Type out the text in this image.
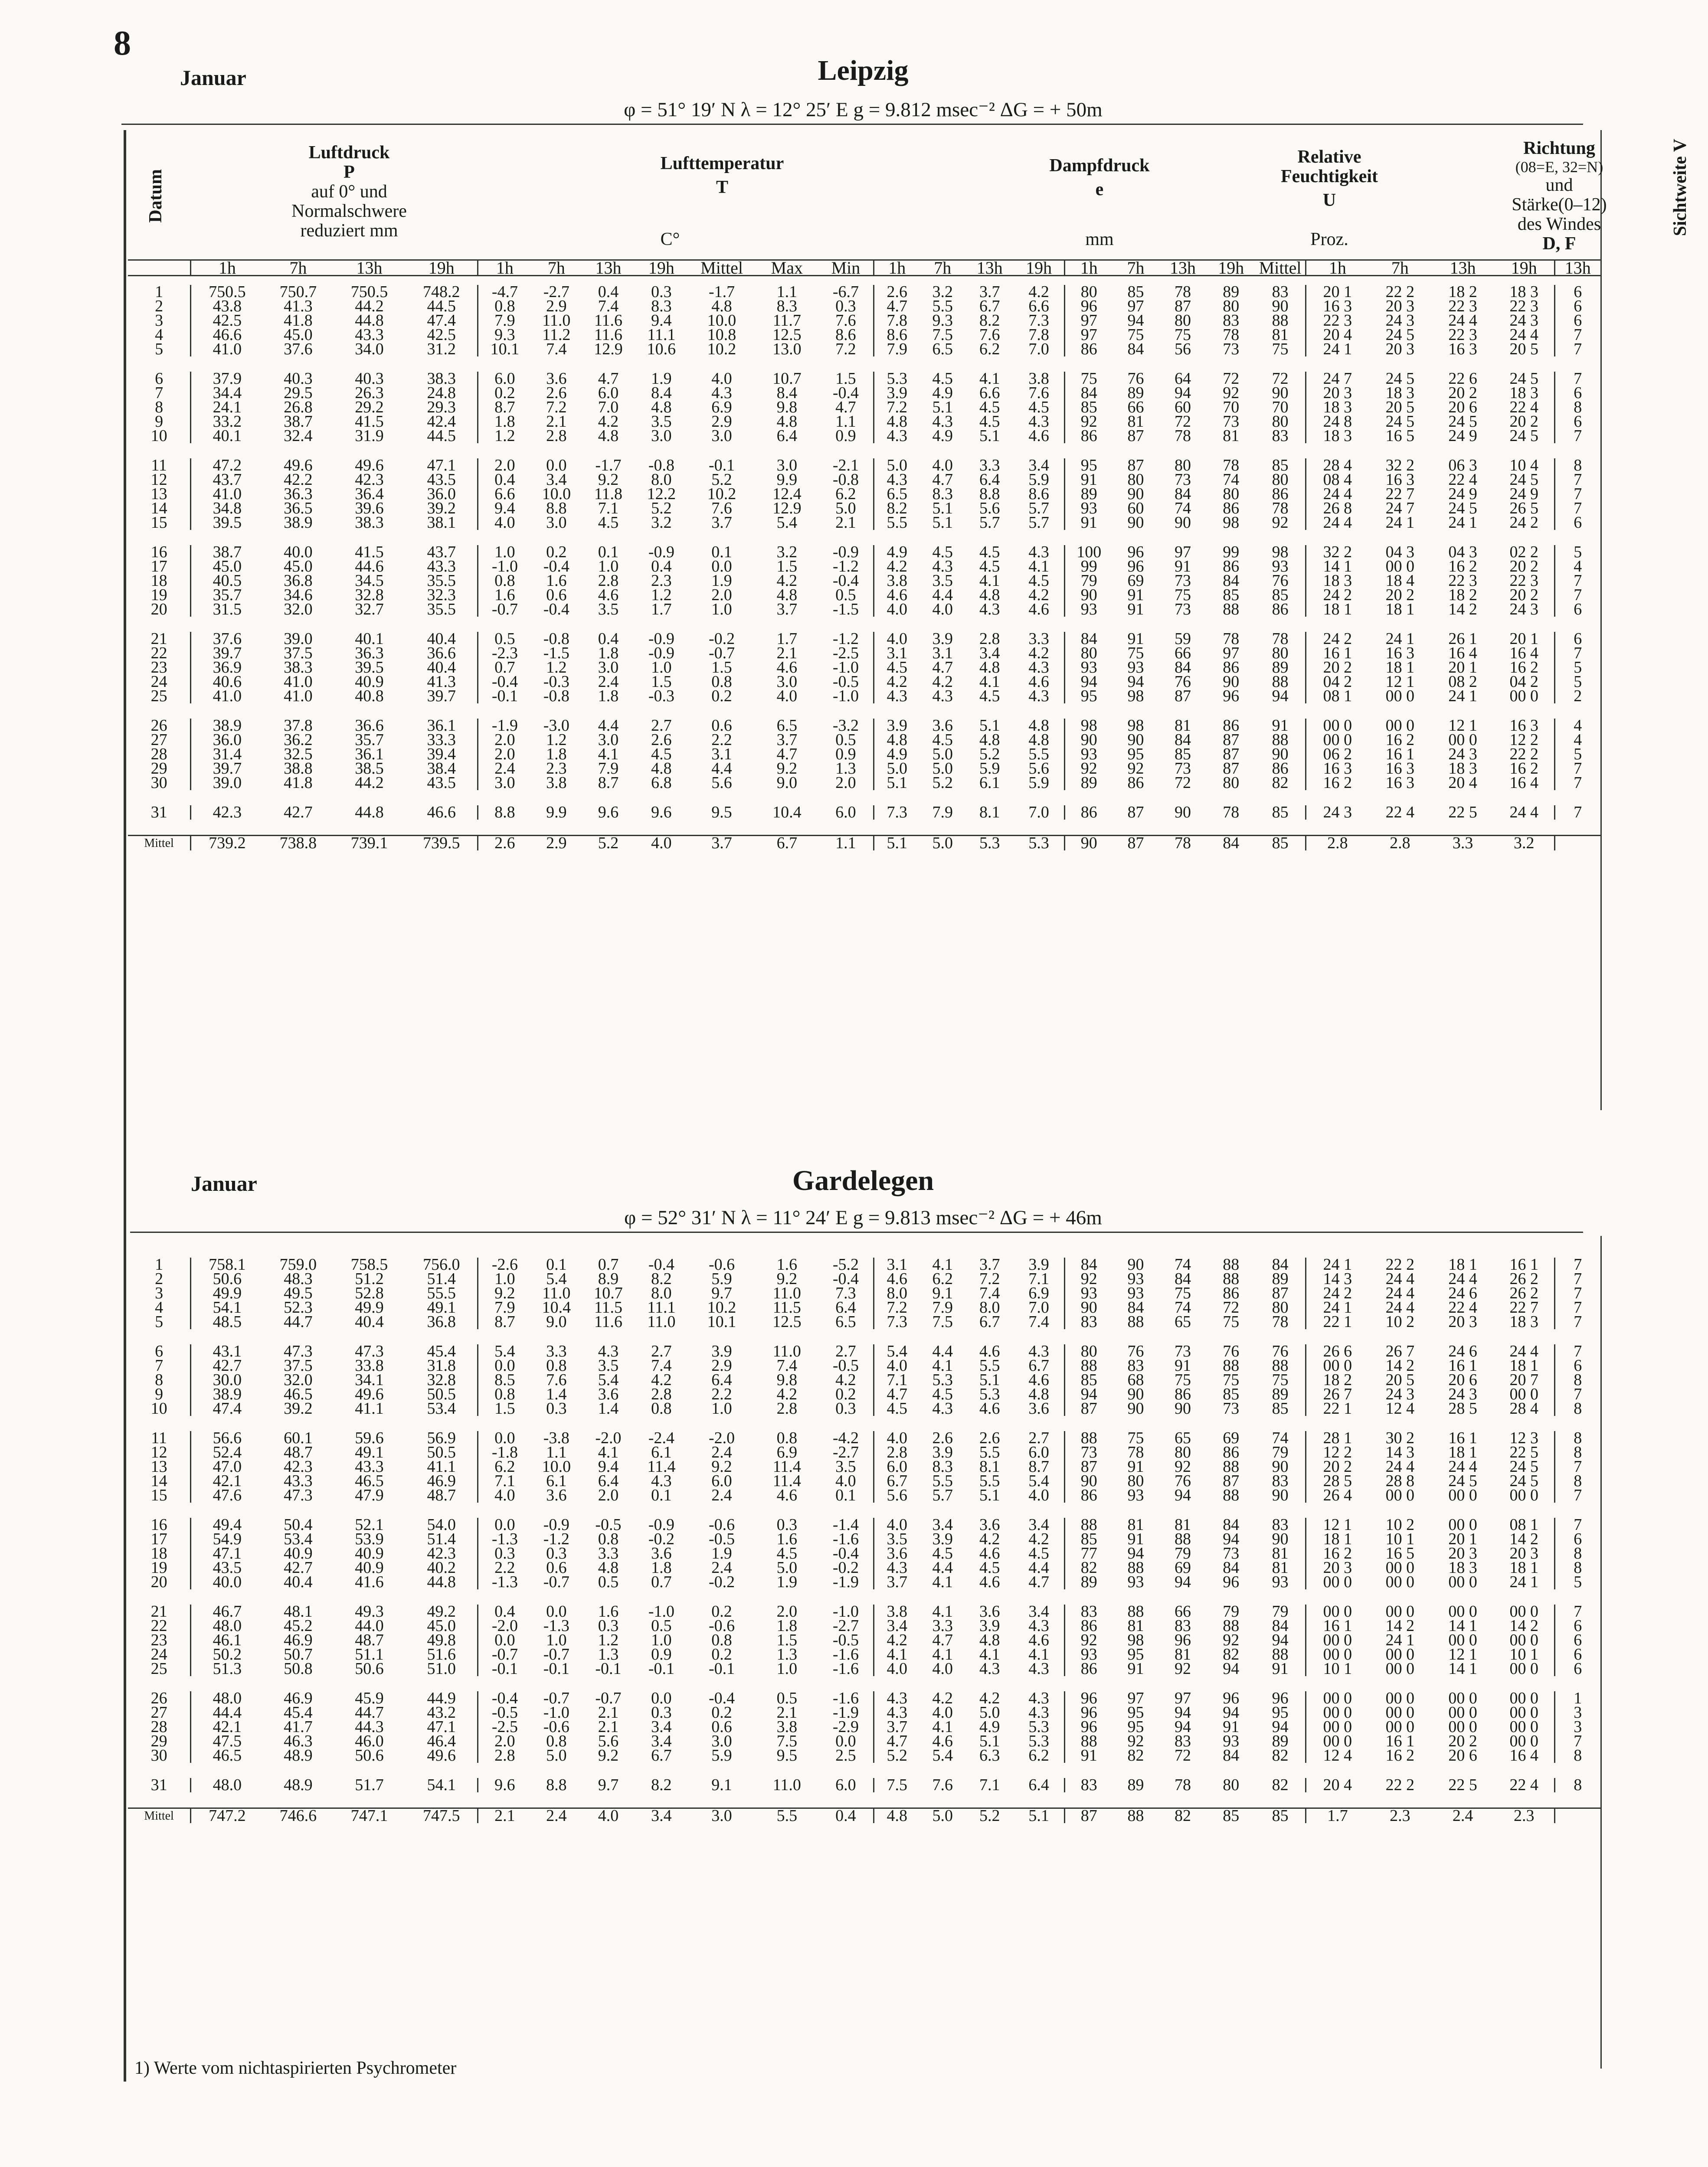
8
Januar	Leipzig
φ = 51° 19′ N λ = 12° 25′ E g = 9.812 msec⁻² ΔG = + 50m
Januar	Gardelegen
φ = 52° 31′ N λ = 11° 24′ E g = 9.813 msec⁻² ΔG = + 46m
Datum
Luftdruck
P
auf 0° und
Normalschwere
reduziert mm
Lufttemperatur
T
C°
Dampfdruck
e
mm
Relative
Feuchtigkeit
U
Proz.
Richtung
(08=E, 32=N)
und
Stärke(0–12)
des Windes
D, F
Sichtweite V
	1h	7h	13h	19h	1h	7h	13h	19h	Mittel	Max	Min	1h	7h	13h	19h	1h	7h	13h	19h	Mittel	1h	7h	13h	19h	13h

1	750.5	750.7	750.5	748.2	-4.7	-2.7	0.4	0.3	-1.7	1.1	-6.7	2.6	3.2	3.7	4.2	80	85	78	89	83	20 1	22 2	18 2	18 3	6
2	43.8	41.3	44.2	44.5	0.8	2.9	7.4	8.3	4.8	8.3	0.3	4.7	5.5	6.7	6.6	96	97	87	80	90	16 3	20 3	22 3	22 3	6
3	42.5	41.8	44.8	47.4	7.9	11.0	11.6	9.4	10.0	11.7	7.6	7.8	9.3	8.2	7.3	97	94	80	83	88	22 3	24 3	24 4	24 3	6
4	46.6	45.0	43.3	42.5	9.3	11.2	11.6	11.1	10.8	12.5	8.6	8.6	7.5	7.6	7.8	97	75	75	78	81	20 4	24 5	22 3	24 4	7
5	41.0	37.6	34.0	31.2	10.1	7.4	12.9	10.6	10.2	13.0	7.2	7.9	6.5	6.2	7.0	86	84	56	73	75	24 1	20 3	16 3	20 5	7

6	37.9	40.3	40.3	38.3	6.0	3.6	4.7	1.9	4.0	10.7	1.5	5.3	4.5	4.1	3.8	75	76	64	72	72	24 7	24 5	22 6	24 5	7
7	34.4	29.5	26.3	24.8	0.2	2.6	6.0	8.4	4.3	8.4	-0.4	3.9	4.9	6.6	7.6	84	89	94	92	90	20 3	18 3	20 2	18 3	6
8	24.1	26.8	29.2	29.3	8.7	7.2	7.0	4.8	6.9	9.8	4.7	7.2	5.1	4.5	4.5	85	66	60	70	70	18 3	20 5	20 6	22 4	8
9	33.2	38.7	41.5	42.4	1.8	2.1	4.2	3.5	2.9	4.8	1.1	4.8	4.3	4.5	4.3	92	81	72	73	80	24 8	24 5	24 5	20 2	6
10	40.1	32.4	31.9	44.5	1.2	2.8	4.8	3.0	3.0	6.4	0.9	4.3	4.9	5.1	4.6	86	87	78	81	83	18 3	16 5	24 9	24 5	7

11	47.2	49.6	49.6	47.1	2.0	0.0	-1.7	-0.8	-0.1	3.0	-2.1	5.0	4.0	3.3	3.4	95	87	80	78	85	28 4	32 2	06 3	10 4	8
12	43.7	42.2	42.3	43.5	0.4	3.4	9.2	8.0	5.2	9.9	-0.8	4.3	4.7	6.4	5.9	91	80	73	74	80	08 4	16 3	22 4	24 5	7
13	41.0	36.3	36.4	36.0	6.6	10.0	11.8	12.2	10.2	12.4	6.2	6.5	8.3	8.8	8.6	89	90	84	80	86	24 4	22 7	24 9	24 9	7
14	34.8	36.5	39.6	39.2	9.4	8.8	7.1	5.2	7.6	12.9	5.0	8.2	5.1	5.6	5.7	93	60	74	86	78	26 8	24 7	24 5	26 5	7
15	39.5	38.9	38.3	38.1	4.0	3.0	4.5	3.2	3.7	5.4	2.1	5.5	5.1	5.7	5.7	91	90	90	98	92	24 4	24 1	24 1	24 2	6

16	38.7	40.0	41.5	43.7	1.0	0.2	0.1	-0.9	0.1	3.2	-0.9	4.9	4.5	4.5	4.3	100	96	97	99	98	32 2	04 3	04 3	02 2	5
17	45.0	45.0	44.6	43.3	-1.0	-0.4	1.0	0.4	0.0	1.5	-1.2	4.2	4.3	4.5	4.1	99	96	91	86	93	14 1	00 0	16 2	20 2	4
18	40.5	36.8	34.5	35.5	0.8	1.6	2.8	2.3	1.9	4.2	-0.4	3.8	3.5	4.1	4.5	79	69	73	84	76	18 3	18 4	22 3	22 3	7
19	35.7	34.6	32.8	32.3	1.6	0.6	4.6	1.2	2.0	4.8	0.5	4.6	4.4	4.8	4.2	90	91	75	85	85	24 2	20 2	18 2	20 2	7
20	31.5	32.0	32.7	35.5	-0.7	-0.4	3.5	1.7	1.0	3.7	-1.5	4.0	4.0	4.3	4.6	93	91	73	88	86	18 1	18 1	14 2	24 3	6

21	37.6	39.0	40.1	40.4	0.5	-0.8	0.4	-0.9	-0.2	1.7	-1.2	4.0	3.9	2.8	3.3	84	91	59	78	78	24 2	24 1	26 1	20 1	6
22	39.7	37.5	36.3	36.6	-2.3	-1.5	1.8	-0.9	-0.7	2.1	-2.5	3.1	3.1	3.4	4.2	80	75	66	97	80	16 1	16 3	16 4	16 4	7
23	36.9	38.3	39.5	40.4	0.7	1.2	3.0	1.0	1.5	4.6	-1.0	4.5	4.7	4.8	4.3	93	93	84	86	89	20 2	18 1	20 1	16 2	5
24	40.6	41.0	40.9	41.3	-0.4	-0.3	2.4	1.5	0.8	3.0	-0.5	4.2	4.2	4.1	4.6	94	94	76	90	88	04 2	12 1	08 2	04 2	5
25	41.0	41.0	40.8	39.7	-0.1	-0.8	1.8	-0.3	0.2	4.0	-1.0	4.3	4.3	4.5	4.3	95	98	87	96	94	08 1	00 0	24 1	00 0	2

26	38.9	37.8	36.6	36.1	-1.9	-3.0	4.4	2.7	0.6	6.5	-3.2	3.9	3.6	5.1	4.8	98	98	81	86	91	00 0	00 0	12 1	16 3	4
27	36.0	36.2	35.7	33.3	2.0	1.2	3.0	2.6	2.2	3.7	0.5	4.8	4.5	4.8	4.8	90	90	84	87	88	00 0	16 2	00 0	12 2	4
28	31.4	32.5	36.1	39.4	2.0	1.8	4.1	4.5	3.1	4.7	0.9	4.9	5.0	5.2	5.5	93	95	85	87	90	06 2	16 1	24 3	22 2	5
29	39.7	38.8	38.5	38.4	2.4	2.3	7.9	4.8	4.4	9.2	1.3	5.0	5.0	5.9	5.6	92	92	73	87	86	16 3	16 3	18 3	16 2	7
30	39.0	41.8	44.2	43.5	3.0	3.8	8.7	6.8	5.6	9.0	2.0	5.1	5.2	6.1	5.9	89	86	72	80	82	16 2	16 3	20 4	16 4	7

31	42.3	42.7	44.8	46.6	8.8	9.9	9.6	9.6	9.5	10.4	6.0	7.3	7.9	8.1	7.0	86	87	90	78	85	24 3	22 4	22 5	24 4	7

Mittel	739.2	738.8	739.1	739.5	2.6	2.9	5.2	4.0	3.7	6.7	1.1	5.1	5.0	5.3	5.3	90	87	78	84	85	2.8	2.8	3.3	3.2	
1	758.1	759.0	758.5	756.0	-2.6	0.1	0.7	-0.4	-0.6	1.6	-5.2	3.1	4.1	3.7	3.9	84	90	74	88	84	24 1	22 2	18 1	16 1	7
2	50.6	48.3	51.2	51.4	1.0	5.4	8.9	8.2	5.9	9.2	-0.4	4.6	6.2	7.2	7.1	92	93	84	88	89	14 3	24 4	24 4	26 2	7
3	49.9	49.5	52.8	55.5	9.2	11.0	10.7	8.0	9.7	11.0	7.3	8.0	9.1	7.4	6.9	93	93	75	86	87	24 2	24 4	24 6	26 2	7
4	54.1	52.3	49.9	49.1	7.9	10.4	11.5	11.1	10.2	11.5	6.4	7.2	7.9	8.0	7.0	90	84	74	72	80	24 1	24 4	22 4	22 7	7
5	48.5	44.7	40.4	36.8	8.7	9.0	11.6	11.0	10.1	12.5	6.5	7.3	7.5	6.7	7.4	83	88	65	75	78	22 1	10 2	20 3	18 3	7

6	43.1	47.3	47.3	45.4	5.4	3.3	4.3	2.7	3.9	11.0	2.7	5.4	4.4	4.6	4.3	80	76	73	76	76	26 6	26 7	24 6	24 4	7
7	42.7	37.5	33.8	31.8	0.0	0.8	3.5	7.4	2.9	7.4	-0.5	4.0	4.1	5.5	6.7	88	83	91	88	88	00 0	14 2	16 1	18 1	6
8	30.0	32.0	34.1	32.8	8.5	7.6	5.4	4.2	6.4	9.8	4.2	7.1	5.3	5.1	4.6	85	68	75	75	75	18 2	20 5	20 6	20 7	8
9	38.9	46.5	49.6	50.5	0.8	1.4	3.6	2.8	2.2	4.2	0.2	4.7	4.5	5.3	4.8	94	90	86	85	89	26 7	24 3	24 3	00 0	7
10	47.4	39.2	41.1	53.4	1.5	0.3	1.4	0.8	1.0	2.8	0.3	4.5	4.3	4.6	3.6	87	90	90	73	85	22 1	12 4	28 5	28 4	8

11	56.6	60.1	59.6	56.9	0.0	-3.8	-2.0	-2.4	-2.0	0.8	-4.2	4.0	2.6	2.6	2.7	88	75	65	69	74	28 1	30 2	16 1	12 3	8
12	52.4	48.7	49.1	50.5	-1.8	1.1	4.1	6.1	2.4	6.9	-2.7	2.8	3.9	5.5	6.0	73	78	80	86	79	12 2	14 3	18 1	22 5	8
13	47.0	42.3	43.3	41.1	6.2	10.0	9.4	11.4	9.2	11.4	3.5	6.0	8.3	8.1	8.7	87	91	92	88	90	20 2	24 4	24 4	24 5	7
14	42.1	43.3	46.5	46.9	7.1	6.1	6.4	4.3	6.0	11.4	4.0	6.7	5.5	5.5	5.4	90	80	76	87	83	28 5	28 8	24 5	24 5	8
15	47.6	47.3	47.9	48.7	4.0	3.6	2.0	0.1	2.4	4.6	0.1	5.6	5.7	5.1	4.0	86	93	94	88	90	26 4	00 0	00 0	00 0	7

16	49.4	50.4	52.1	54.0	0.0	-0.9	-0.5	-0.9	-0.6	0.3	-1.4	4.0	3.4	3.6	3.4	88	81	81	84	83	12 1	10 2	00 0	08 1	7
17	54.9	53.4	53.9	51.4	-1.3	-1.2	0.8	-0.2	-0.5	1.6	-1.6	3.5	3.9	4.2	4.2	85	91	88	94	90	18 1	10 1	20 1	14 2	6
18	47.1	40.9	40.9	42.3	0.3	0.3	3.3	3.6	1.9	4.5	-0.4	3.6	4.5	4.6	4.5	77	94	79	73	81	16 2	16 5	20 3	20 3	8
19	43.5	42.7	40.9	40.2	2.2	0.6	4.8	1.8	2.4	5.0	-0.2	4.3	4.4	4.5	4.4	82	88	69	84	81	20 3	00 0	18 3	18 1	8
20	40.0	40.4	41.6	44.8	-1.3	-0.7	0.5	0.7	-0.2	1.9	-1.9	3.7	4.1	4.6	4.7	89	93	94	96	93	00 0	00 0	00 0	24 1	5

21	46.7	48.1	49.3	49.2	0.4	0.0	1.6	-1.0	0.2	2.0	-1.0	3.8	4.1	3.6	3.4	83	88	66	79	79	00 0	00 0	00 0	00 0	7
22	48.0	45.2	44.0	45.0	-2.0	-1.3	0.3	0.5	-0.6	1.8	-2.7	3.4	3.3	3.9	4.3	86	81	83	88	84	16 1	14 2	14 1	14 2	6
23	46.1	46.9	48.7	49.8	0.0	1.0	1.2	1.0	0.8	1.5	-0.5	4.2	4.7	4.8	4.6	92	98	96	92	94	00 0	24 1	00 0	00 0	6
24	50.2	50.7	51.1	51.6	-0.7	-0.7	1.3	0.9	0.2	1.3	-1.6	4.1	4.1	4.1	4.1	93	95	81	82	88	00 0	00 0	12 1	10 1	6
25	51.3	50.8	50.6	51.0	-0.1	-0.1	-0.1	-0.1	-0.1	1.0	-1.6	4.0	4.0	4.3	4.3	86	91	92	94	91	10 1	00 0	14 1	00 0	6

26	48.0	46.9	45.9	44.9	-0.4	-0.7	-0.7	0.0	-0.4	0.5	-1.6	4.3	4.2	4.2	4.3	96	97	97	96	96	00 0	00 0	00 0	00 0	1
27	44.4	45.4	44.7	43.2	-0.5	-1.0	2.1	0.3	0.2	2.1	-1.9	4.3	4.0	5.0	4.3	96	95	94	94	95	00 0	00 0	00 0	00 0	3
28	42.1	41.7	44.3	47.1	-2.5	-0.6	2.1	3.4	0.6	3.8	-2.9	3.7	4.1	4.9	5.3	96	95	94	91	94	00 0	00 0	00 0	00 0	3
29	47.5	46.3	46.0	46.4	2.0	0.8	5.6	3.4	3.0	7.5	0.0	4.7	4.6	5.1	5.3	88	92	83	93	89	00 0	16 1	20 2	00 0	7
30	46.5	48.9	50.6	49.6	2.8	5.0	9.2	6.7	5.9	9.5	2.5	5.2	5.4	6.3	6.2	91	82	72	84	82	12 4	16 2	20 6	16 4	8

31	48.0	48.9	51.7	54.1	9.6	8.8	9.7	8.2	9.1	11.0	6.0	7.5	7.6	7.1	6.4	83	89	78	80	82	20 4	22 2	22 5	22 4	8

Mittel	747.2	746.6	747.1	747.5	2.1	2.4	4.0	3.4	3.0	5.5	0.4	4.8	5.0	5.2	5.1	87	88	82	85	85	1.7	2.3	2.4	2.3	
1) Werte vom nichtaspirierten Psychrometer
